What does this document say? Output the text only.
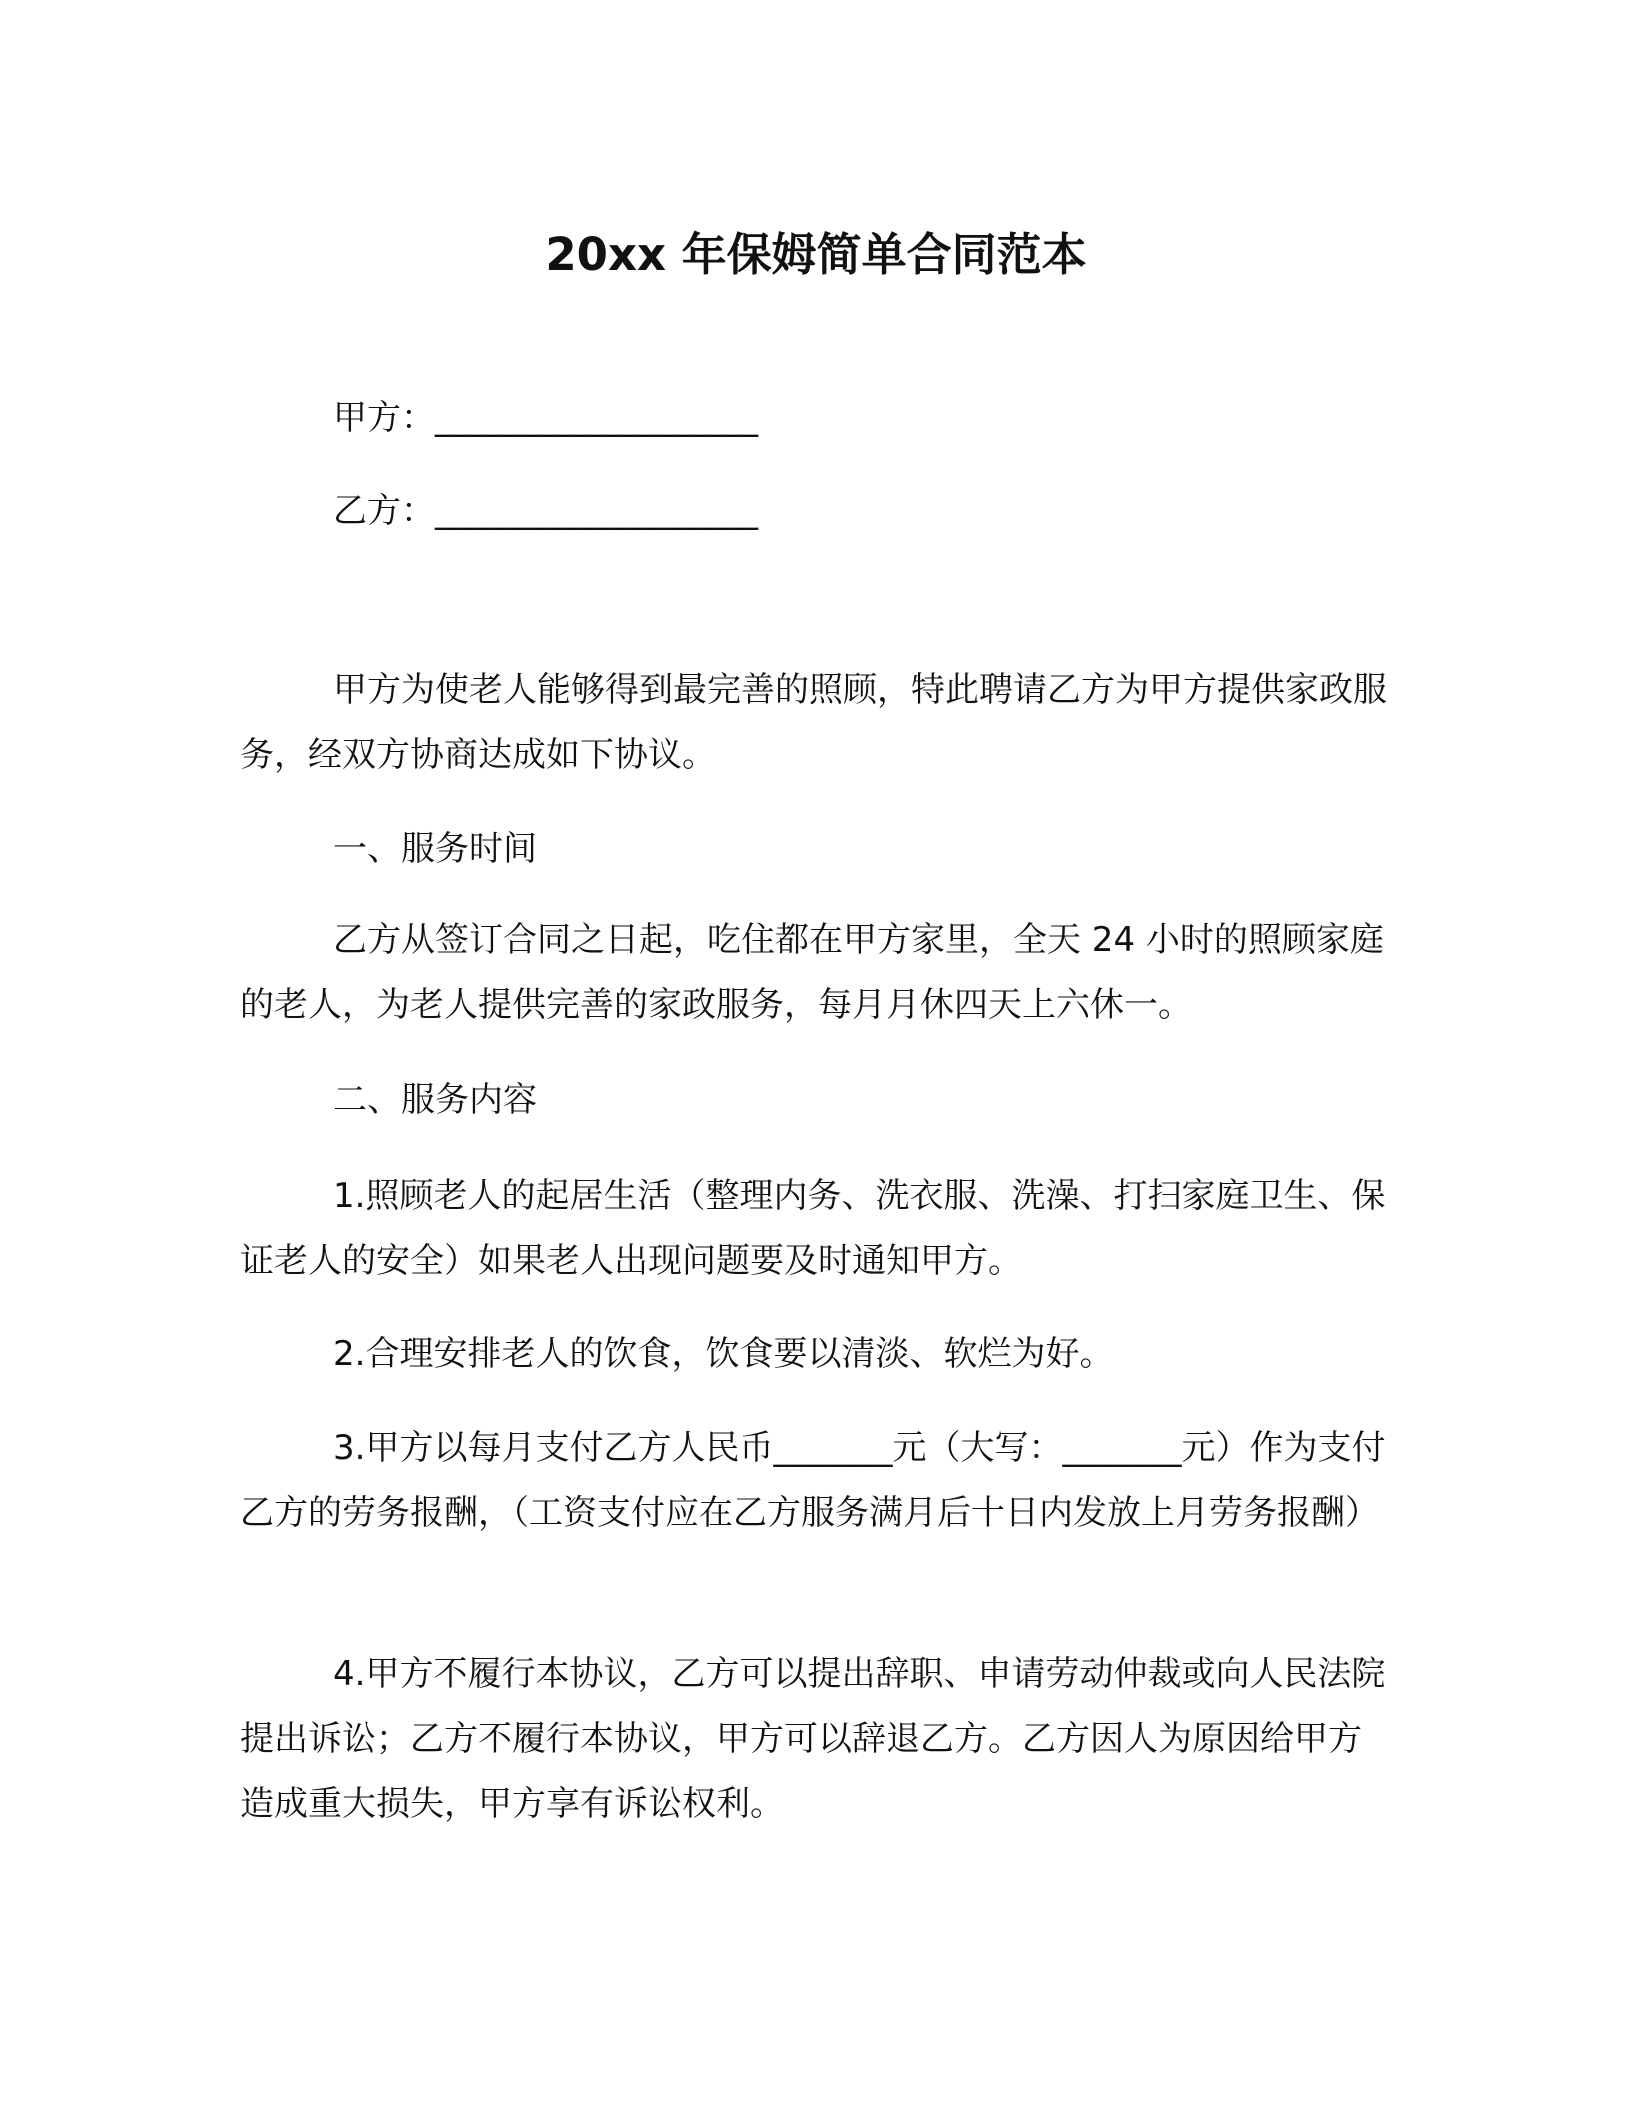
20xx 年保姆简单合同范本
甲方：___________________
乙方：___________________

甲方为使老人能够得到最完善的照顾，特此聘请乙方为甲方提供家政服务，经双方协商达成如下协议。

一、服务时间

乙方从签订合同之日起，吃住都在甲方家里，全天 24 小时的照顾家庭的老人，为老人提供完善的家政服务，每月月休四天上六休一。

二、服务内容

1.照顾老人的起居生活（整理内务、洗衣服、洗澡、打扫家庭卫生、保证老人的安全）如果老人出现问题要及时通知甲方。

2.合理安排老人的饮食，饮食要以清淡、软烂为好。

3.甲方以每月支付乙方人民币_______元（大写：_______元）作为支付乙方的劳务报酬，（工资支付应在乙方服务满月后十日内发放上月劳务报酬）

4.甲方不履行本协议，乙方可以提出辞职、申请劳动仲裁或向人民法院提出诉讼；乙方不履行本协议，甲方可以辞退乙方。乙方因人为原因给甲方造成重大损失，甲方享有诉讼权利。
